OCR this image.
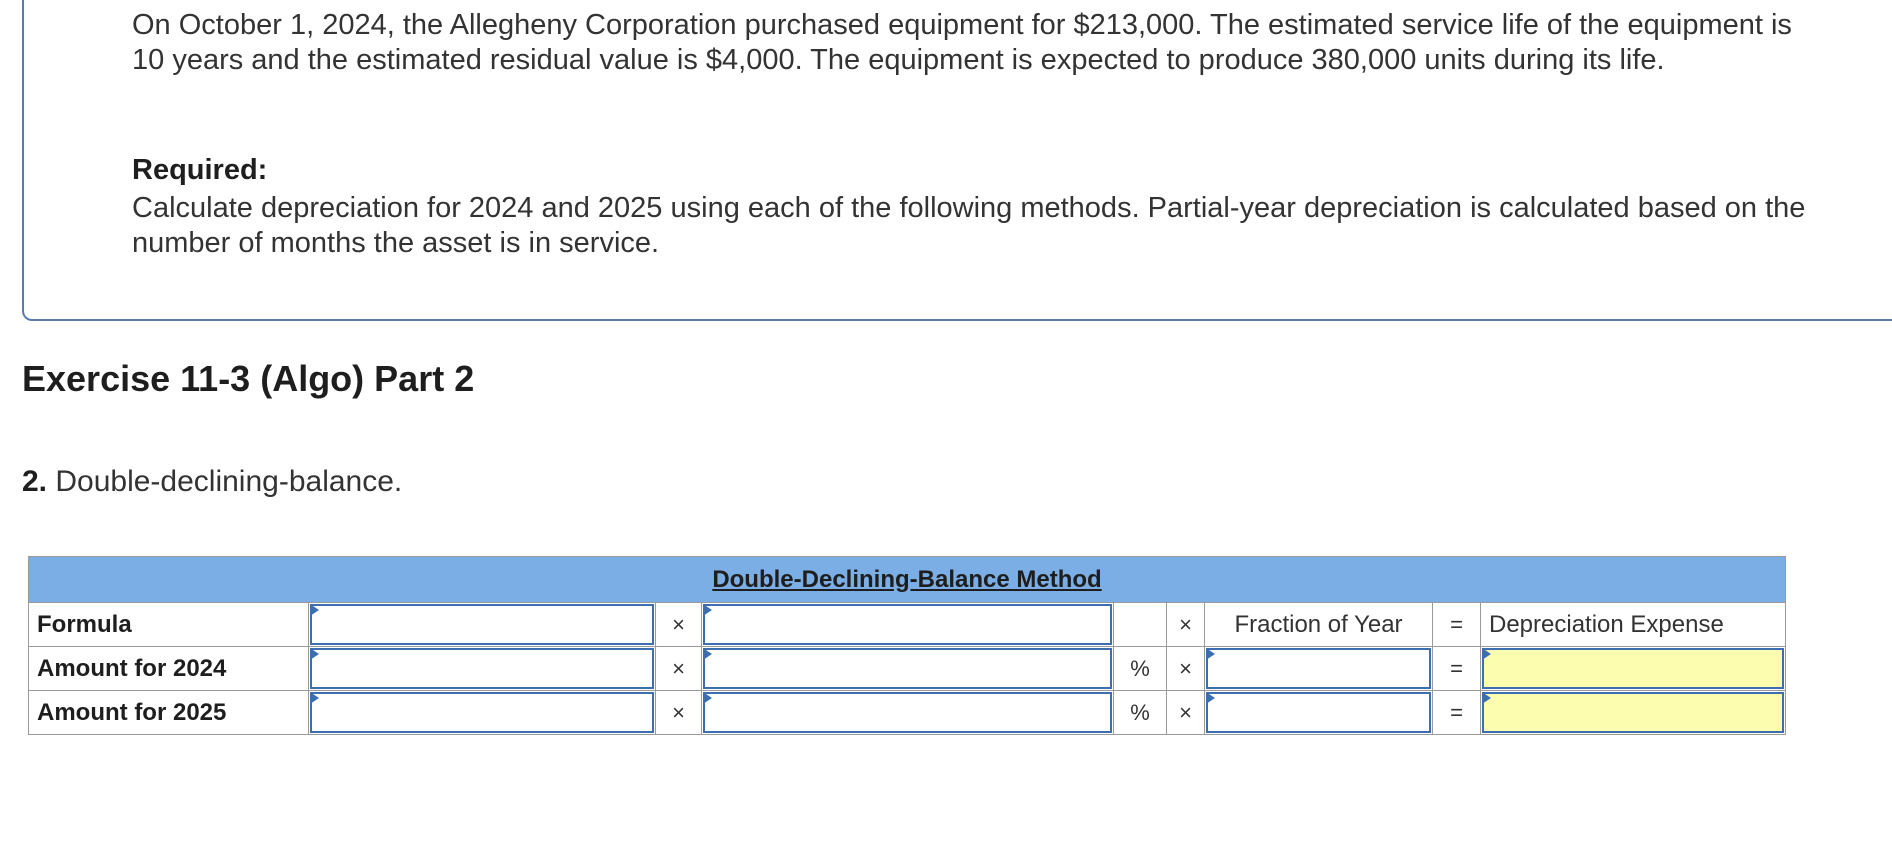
On October 1, 2024, the Allegheny Corporation purchased equipment for $213,000. The estimated service life of the equipment is 10 years and the estimated residual value is $4,000. The equipment is expected to produce 380,000 units during its life.
Required:
Calculate depreciation for 2024 and 2025 using each of the following methods. Partial-year depreciation is calculated based on the number of months the asset is in service.
Exercise 11-3 (Algo) Part 2
2. Double-declining-balance.
Double-Declining-Balance Method								
Formula		×			×	Fraction of Year	=	Depreciation Expense
Amount for 2024		×		%	×		=	

Amount for 2025		×		%	×		=	
